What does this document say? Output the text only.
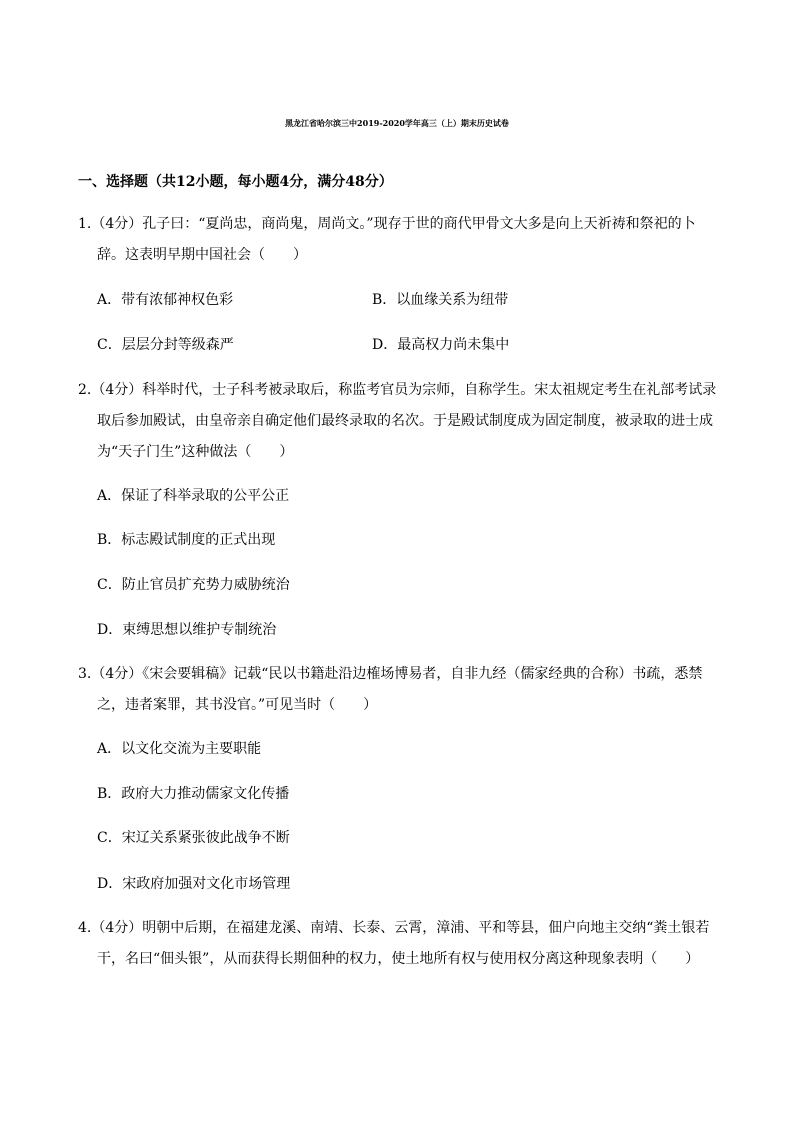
黑龙江省哈尔滨三中2019-2020学年高三（上）期末历史试卷
一、选择题（共12小题，每小题4分，满分48分）
1.（4分）孔子曰：“夏尚忠，商尚鬼，周尚文。”现存于世的商代甲骨文大多是向上天祈祷和祭祀的卜
辞。这表明早期中国社会（　　）
A．带有浓郁神权色彩	B．以血缘关系为纽带
C．层层分封等级森严	D．最高权力尚未集中
2.（4分）科举时代，士子科考被录取后，称监考官员为宗师，自称学生。宋太祖规定考生在礼部考试录
取后参加殿试，由皇帝亲自确定他们最终录取的名次。于是殿试制度成为固定制度，被录取的进士成
为“天子门生”这种做法（　　）
A．保证了科举录取的公平公正
B．标志殿试制度的正式出现
C．防止官员扩充势力威胁统治
D．束缚思想以维护专制统治
3.（4分）《宋会要辑稿》记载“民以书籍赴沿边榷场博易者，自非九经（儒家经典的合称）书疏，悉禁
之，违者案罪，其书没官。”可见当时（　　）
A．以文化交流为主要职能
B．政府大力推动儒家文化传播
C．宋辽关系紧张彼此战争不断
D．宋政府加强对文化市场管理
4.（4分）明朝中后期，在福建龙溪、南靖、长泰、云霄，漳浦、平和等县，佃户向地主交纳“粪土银若
干，名曰“佃头银”，从而获得长期佃种的权力，使土地所有权与使用权分离这种现象表明（　　）
